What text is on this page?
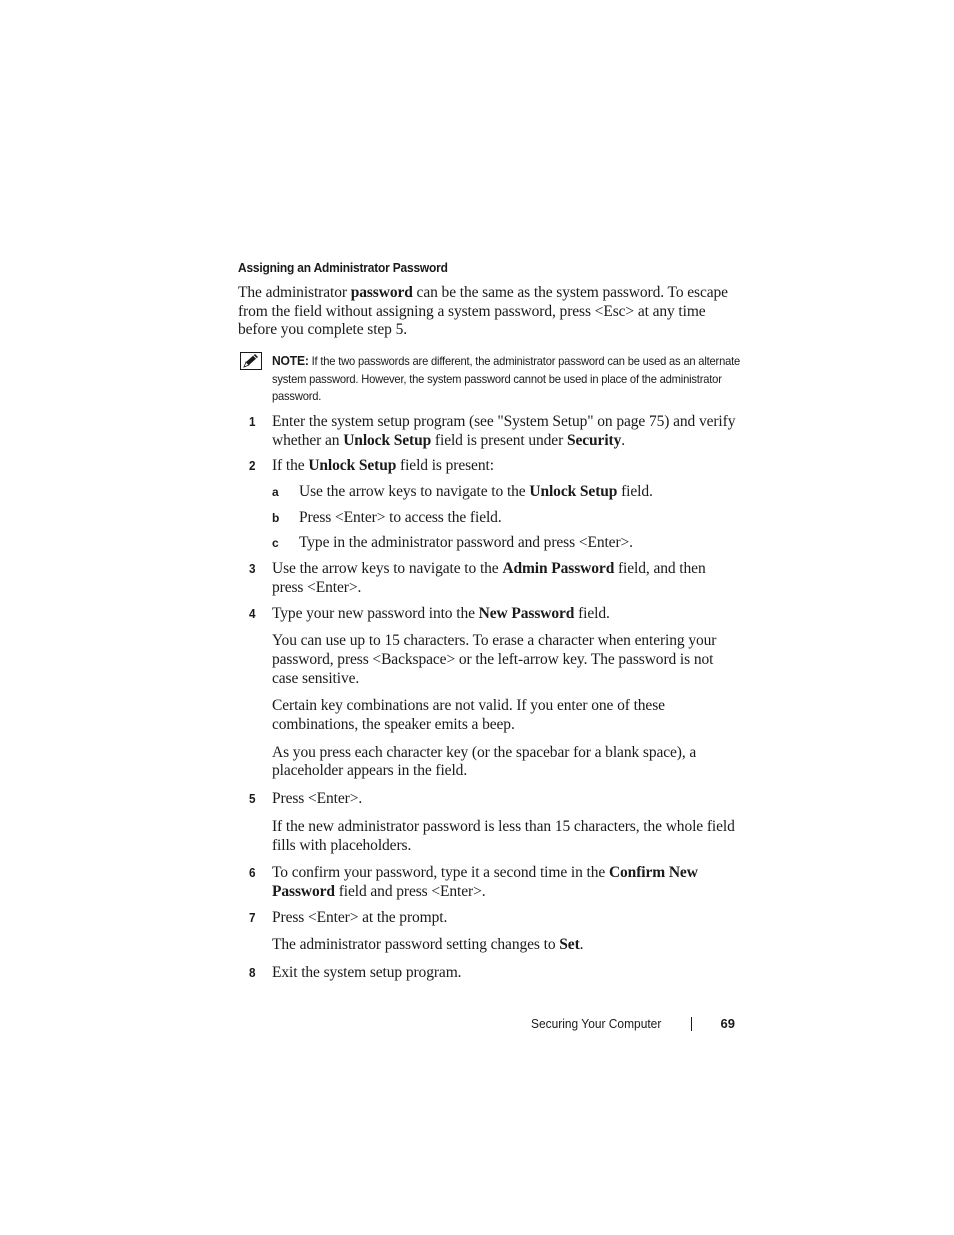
Assigning an Administrator Password

The administrator password can be the same as the system password. To escape from the field without assigning a system password, press <Esc> at any time before you complete step 5.

NOTE: If the two passwords are different, the administrator password can be used as an alternate system password. However, the system password cannot be used in place of the administrator password.
1 Enter the system setup program (see "System Setup" on page 75) and verify whether an Unlock Setup field is present under Security.

2 If the Unlock Setup field is present:

a Use the arrow keys to navigate to the Unlock Setup field.

b Press <Enter> to access the field.

c Type in the administrator password and press <Enter>.

3 Use the arrow keys to navigate to the Admin Password field, and then press <Enter>.

4 Type your new password into the New Password field.

You can use up to 15 characters. To erase a character when entering your password, press <Backspace> or the left-arrow key. The password is not case sensitive.

Certain key combinations are not valid. If you enter one of these combinations, the speaker emits a beep.

As you press each character key (or the spacebar for a blank space), a placeholder appears in the field.

5 Press <Enter>.

If the new administrator password is less than 15 characters, the whole field fills with placeholders.

6 To confirm your password, type it a second time in the Confirm New Password field and press <Enter>.

7 Press <Enter> at the prompt.

The administrator password setting changes to Set.

8 Exit the system setup program.

Securing Your Computer	69
